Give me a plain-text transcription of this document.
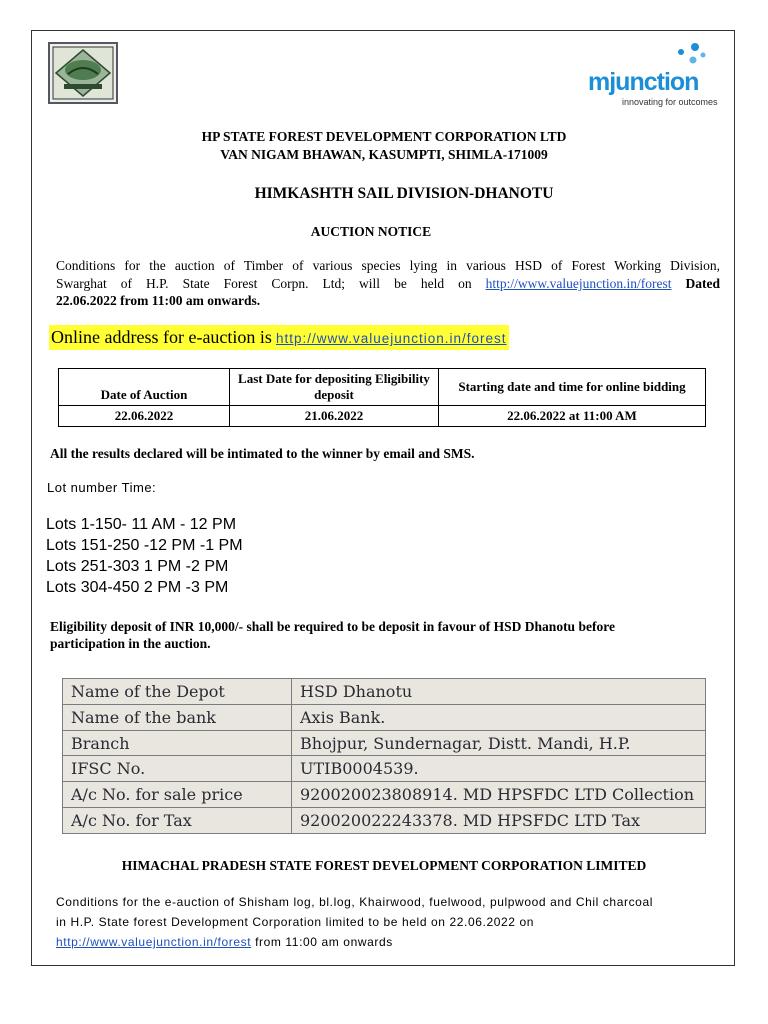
mjunction
innovating for outcomes
HP STATE FOREST DEVELOPMENT CORPORATION LTD
VAN NIGAM BHAWAN, KASUMPTI, SHIMLA-171009
HIMKASHTH SAIL DIVISION-DHANOTU
AUCTION NOTICE
Conditions for the auction of Timber of various species lying in various HSD of Forest Working Division,
Swarghat of H.P. State Forest Corpn. Ltd; will be held on http://www.valuejunction.in/forest Dated
22.06.2022 from 11:00 am onwards.
Online address for e-auction is http://www.valuejunction.in/forest
Date of Auction	Last Date for depositing Eligibility deposit	Starting date and time for online bidding
22.06.2022	21.06.2022	22.06.2022 at 11:00 AM
All the results declared will be intimated to the winner by email and SMS.
Lot number Time:
Lots 1-150- 11 AM - 12 PM
Lots 151-250 -12 PM -1 PM
Lots 251-303 1 PM -2 PM
Lots 304-450 2 PM -3 PM
Eligibility deposit of INR 10,000/- shall be required to be deposit in favour of HSD Dhanotu before
participation in the auction.
Name of the Depot	HSD Dhanotu
Name of the bank	Axis Bank.
Branch	Bhojpur, Sundernagar, Distt. Mandi, H.P.
IFSC No.	UTIB0004539.
A/c No. for sale price	920020023808914. MD HPSFDC LTD Collection
A/c No. for Tax	920020022243378. MD HPSFDC LTD Tax
HIMACHAL PRADESH STATE FOREST DEVELOPMENT CORPORATION LIMITED
Conditions for the e-auction of Shisham log, bl.log, Khairwood, fuelwood, pulpwood and Chil charcoal
in H.P. State forest Development Corporation limited to be held on 22.06.2022 on
http://www.valuejunction.in/forest from 11:00 am onwards
